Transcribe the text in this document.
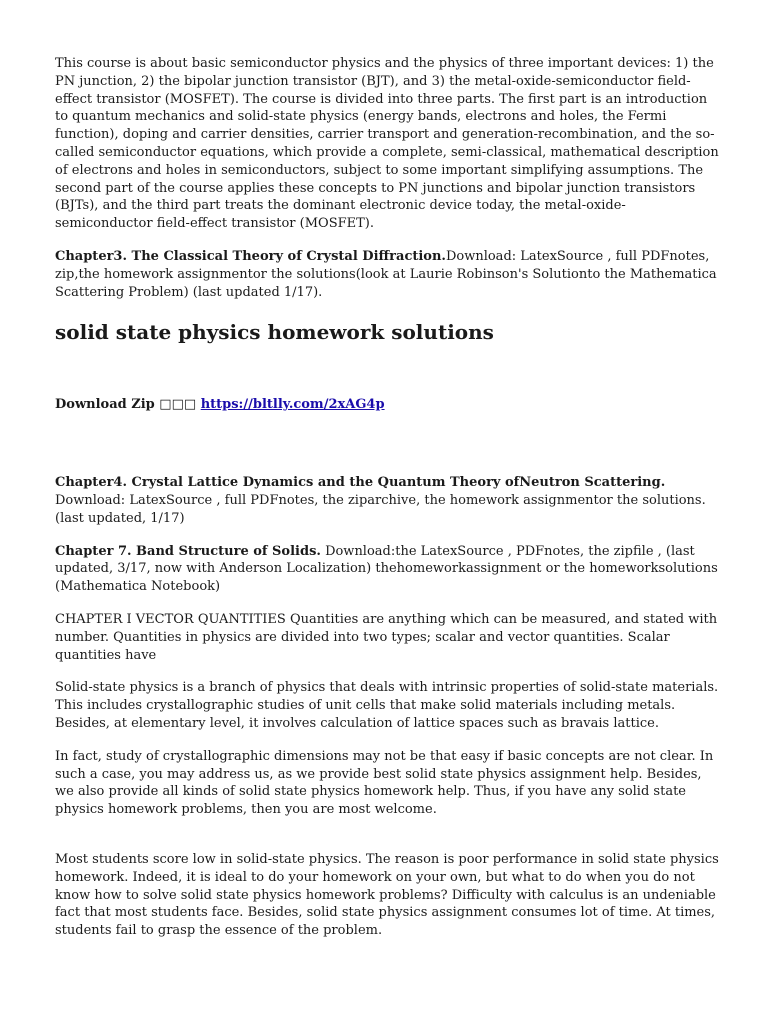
This course is about basic semiconductor physics and the physics of three important devices: 1) the PN junction, 2) the bipolar junction transistor (BJT), and 3) the metal-oxide-semiconductor field-effect transistor (MOSFET). The course is divided into three parts. The first part is an introduction to quantum mechanics and solid-state physics (energy bands, electrons and holes, the Fermi function), doping and carrier densities, carrier transport and generation-recombination, and the so-called semiconductor equations, which provide a complete, semi-classical, mathematical description of electrons and holes in semiconductors, subject to some important simplifying assumptions. The second part of the course applies these concepts to PN junctions and bipolar junction transistors (BJTs), and the third part treats the dominant electronic device today, the metal-oxide-semiconductor field-effect transistor (MOSFET).

Chapter3. The Classical Theory of Crystal Diffraction.Download: LatexSource , full PDFnotes, zip,the homework assignmentor the solutions(look at Laurie Robinson's Solutionto the Mathematica Scattering Problem) (last updated 1/17).

solid state physics homework solutions
Download Zip □□□ https://bltlly.com/2xAG4p

Chapter4. Crystal Lattice Dynamics and the Quantum Theory ofNeutron Scattering.
Download: LatexSource , full PDFnotes, the ziparchive, the homework assignmentor the solutions.(last updated, 1/17)

Chapter 7. Band Structure of Solids. Download:the LatexSource , PDFnotes, the zipfile , (last updated, 3/17, now with Anderson Localization) thehomeworkassignment or the homeworksolutions (Mathematica Notebook)

CHAPTER I VECTOR QUANTITIES Quantities are anything which can be measured, and stated with number. Quantities in physics are divided into two types; scalar and vector quantities. Scalar quantities have

Solid-state physics is a branch of physics that deals with intrinsic properties of solid-state materials. This includes crystallographic studies of unit cells that make solid materials including metals. Besides, at elementary level, it involves calculation of lattice spaces such as bravais lattice.

In fact, study of crystallographic dimensions may not be that easy if basic concepts are not clear. In such a case, you may address us, as we provide best solid state physics assignment help. Besides, we also provide all kinds of solid state physics homework help. Thus, if you have any solid state physics homework problems, then you are most welcome.

Most students score low in solid-state physics. The reason is poor performance in solid state physics homework. Indeed, it is ideal to do your homework on your own, but what to do when you do not know how to solve solid state physics homework problems? Difficulty with calculus is an undeniable fact that most students face. Besides, solid state physics assignment consumes lot of time. At times, students fail to grasp the essence of the problem.
